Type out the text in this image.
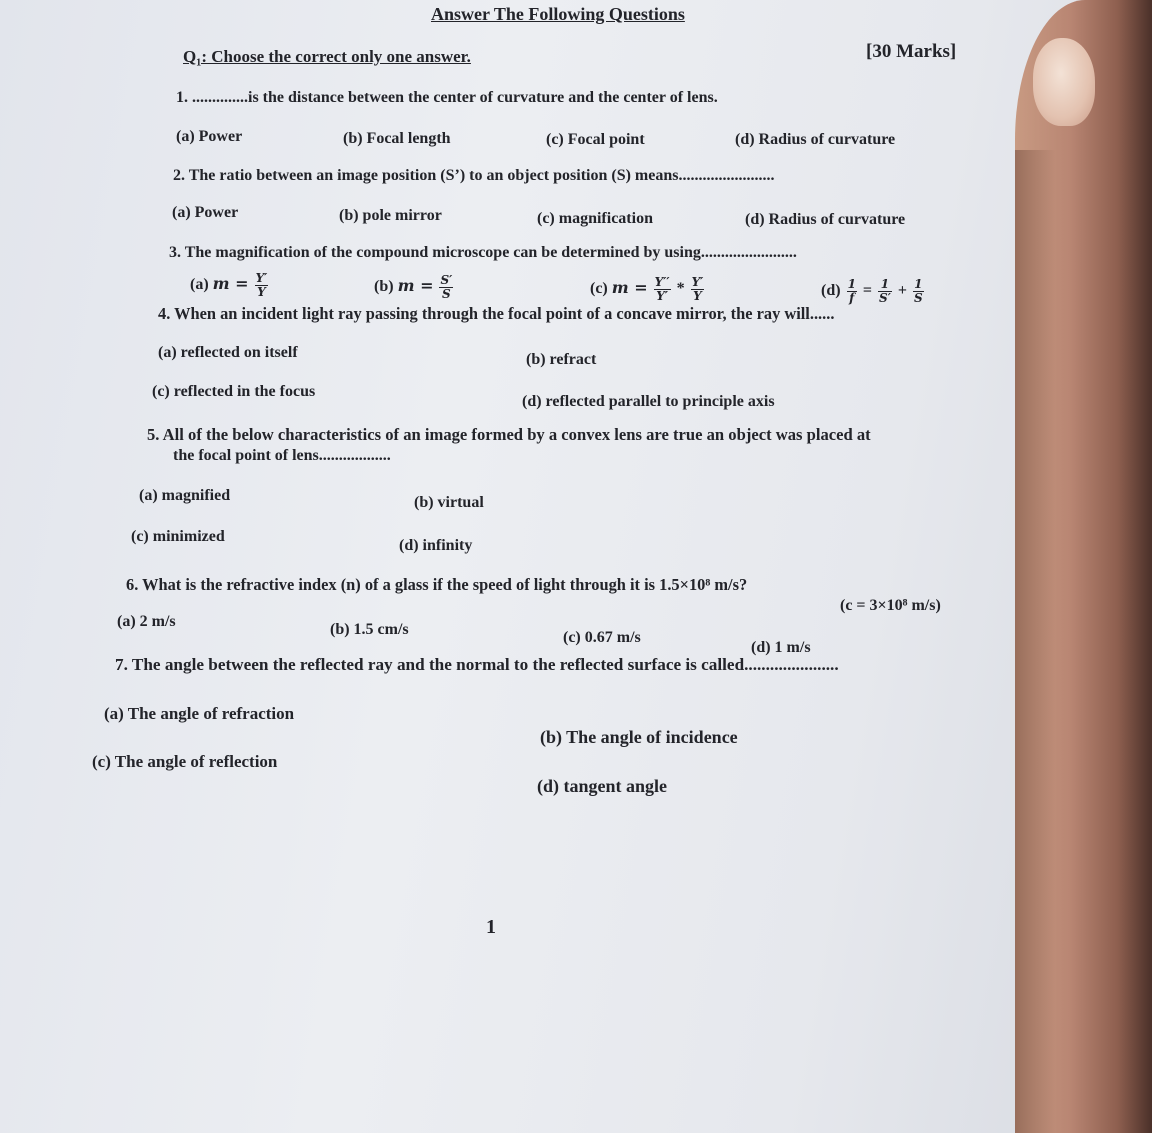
Answer The Following Questions
Q₁: Choose the correct only one answer.	[30 Marks]
1. ..............is the distance between the center of curvature and the center of lens.
(a) Power	(b) Focal length	(c) Focal point	(d) Radius of curvature
2. The ratio between an image position (S’) to an object position (S) means........................
(a) Power	(b) pole mirror	(c) magnification	(d) Radius of curvature
3. The magnification of the compound microscope can be determined by using........................
(a) $m = \frac{Y'}{Y}$	(b) $m = \frac{S'}{S}$	(c) $m = \frac{Y''}{Y'} * \frac{Y'}{Y}$	$(d) \frac{1}{f} = \frac{1}{S'} + \frac{1}{S}$
4. When an incident light ray passing through the focal point of a concave mirror, the ray will......
(a) reflected on itself	(b) refract
(c) reflected in the focus
(d) reflected parallel to principle axis
5. All of the below characteristics of an image formed by a convex lens are true an object was placed at
the focal point of lens..................
(a) magnified	(b) virtual
(c) minimized
(d) infinity
6. What is the refractive index (n) of a glass if the speed of light through it is 1.5×10⁸ m/s?
(c = 3×10⁸ m/s)
(a) 2 m/s	(b) 1.5 cm/s	(c) 0.67 m/s
(d) 1 m/s
7. The angle between the reflected ray and the normal to the reflected surface is called......................
(a) The angle of refraction
(b) The angle of incidence
(c) The angle of reflection
(d) tangent angle
1
